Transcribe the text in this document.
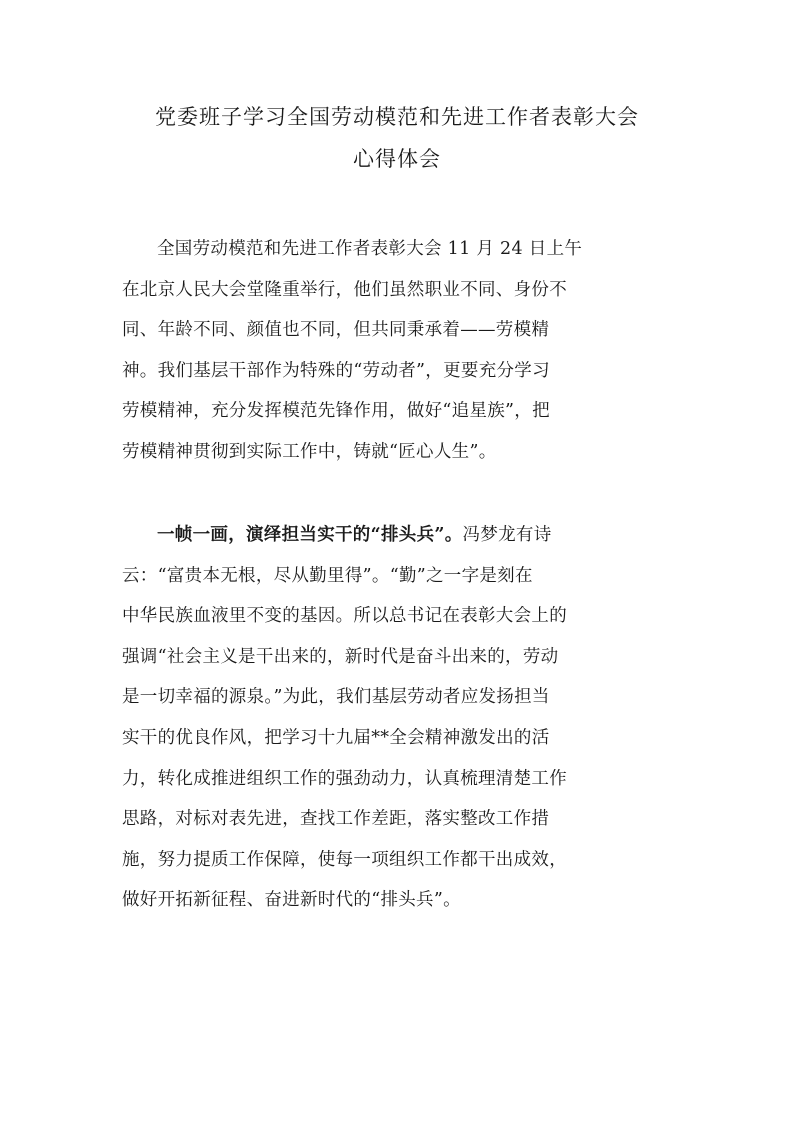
党委班子学习全国劳动模范和先进工作者表彰大会
心得体会
全国劳动模范和先进工作者表彰大会 11 月 24 日上午
在北京人民大会堂隆重举行，他们虽然职业不同、身份不
同、年龄不同、颜值也不同，但共同秉承着——劳模精
神。我们基层干部作为特殊的“劳动者”，更要充分学习
劳模精神，充分发挥模范先锋作用，做好“追星族”，把
劳模精神贯彻到实际工作中，铸就“匠心人生”。
一帧一画，演绎担当实干的“排头兵”。冯梦龙有诗
云：“富贵本无根，尽从勤里得”。“勤”之一字是刻在
中华民族血液里不变的基因。所以总书记在表彰大会上的
强调“社会主义是干出来的，新时代是奋斗出来的，劳动
是一切幸福的源泉。”为此，我们基层劳动者应发扬担当
实干的优良作风，把学习十九届**全会精神激发出的活
力，转化成推进组织工作的强劲动力，认真梳理清楚工作
思路，对标对表先进，查找工作差距，落实整改工作措
施，努力提质工作保障，使每一项组织工作都干出成效，
做好开拓新征程、奋进新时代的“排头兵”。
